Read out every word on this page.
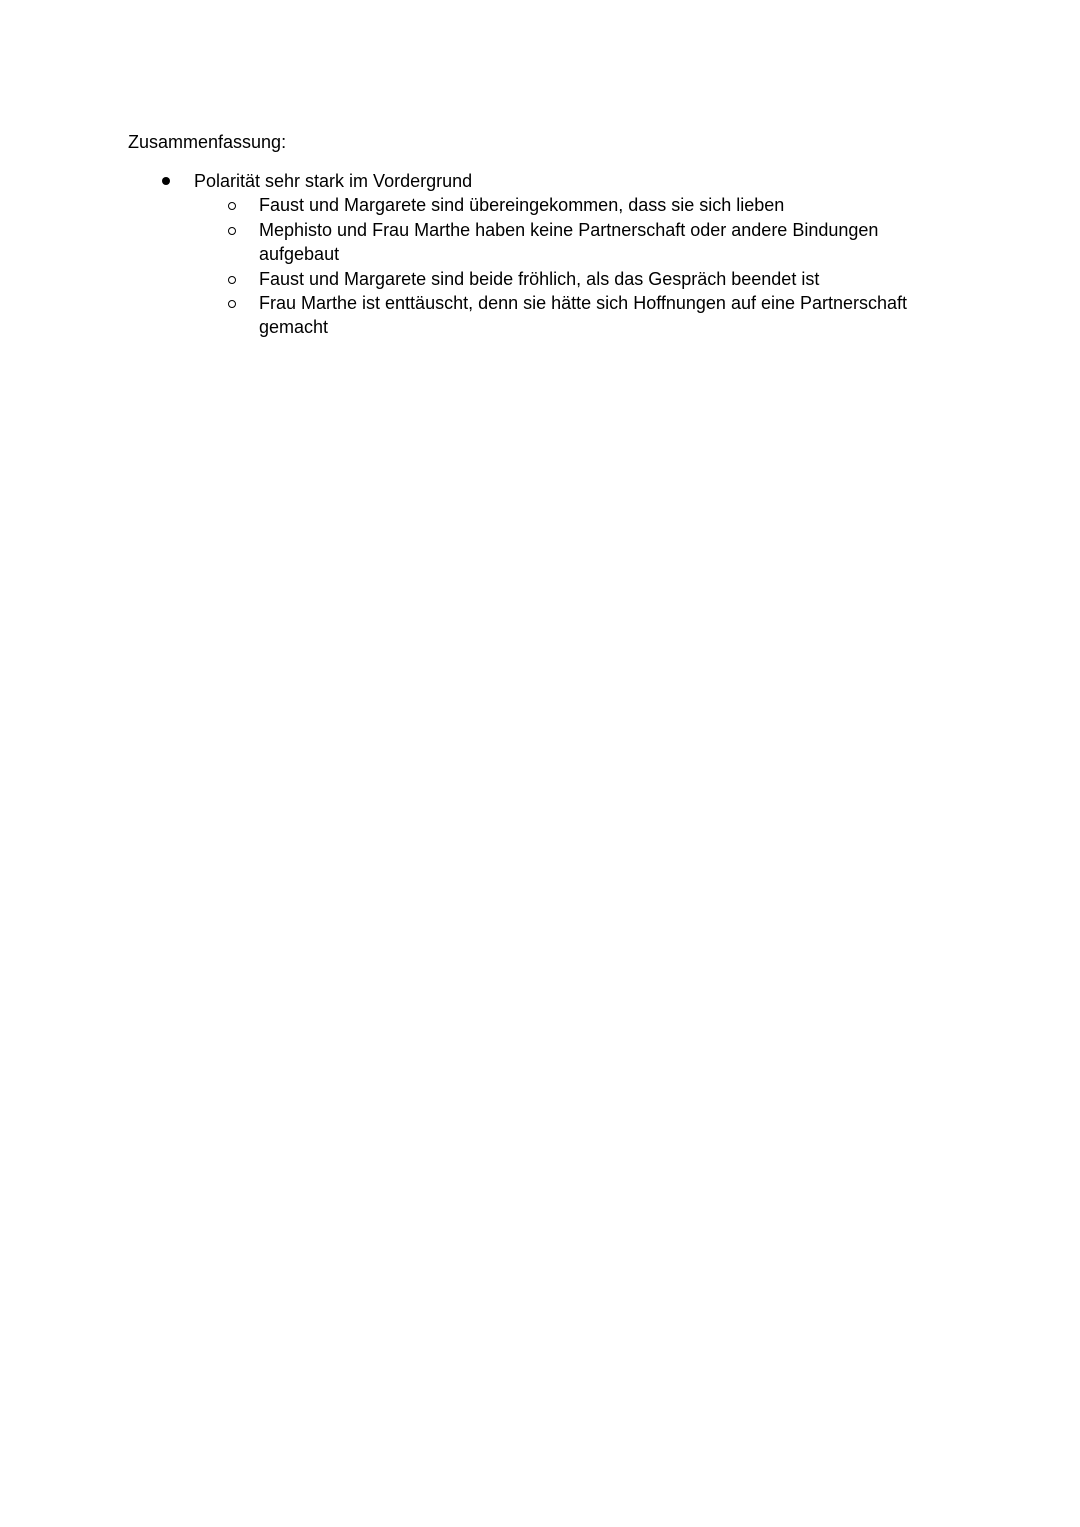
Zusammenfassung:
Polarität sehr stark im Vordergrund
Faust und Margarete sind übereingekommen, dass sie sich lieben
Mephisto und Frau Marthe haben keine Partnerschaft oder andere Bindungen aufgebaut
Faust und Margarete sind beide fröhlich, als das Gespräch beendet ist
Frau Marthe ist enttäuscht, denn sie hätte sich Hoffnungen auf eine Partnerschaft gemacht
